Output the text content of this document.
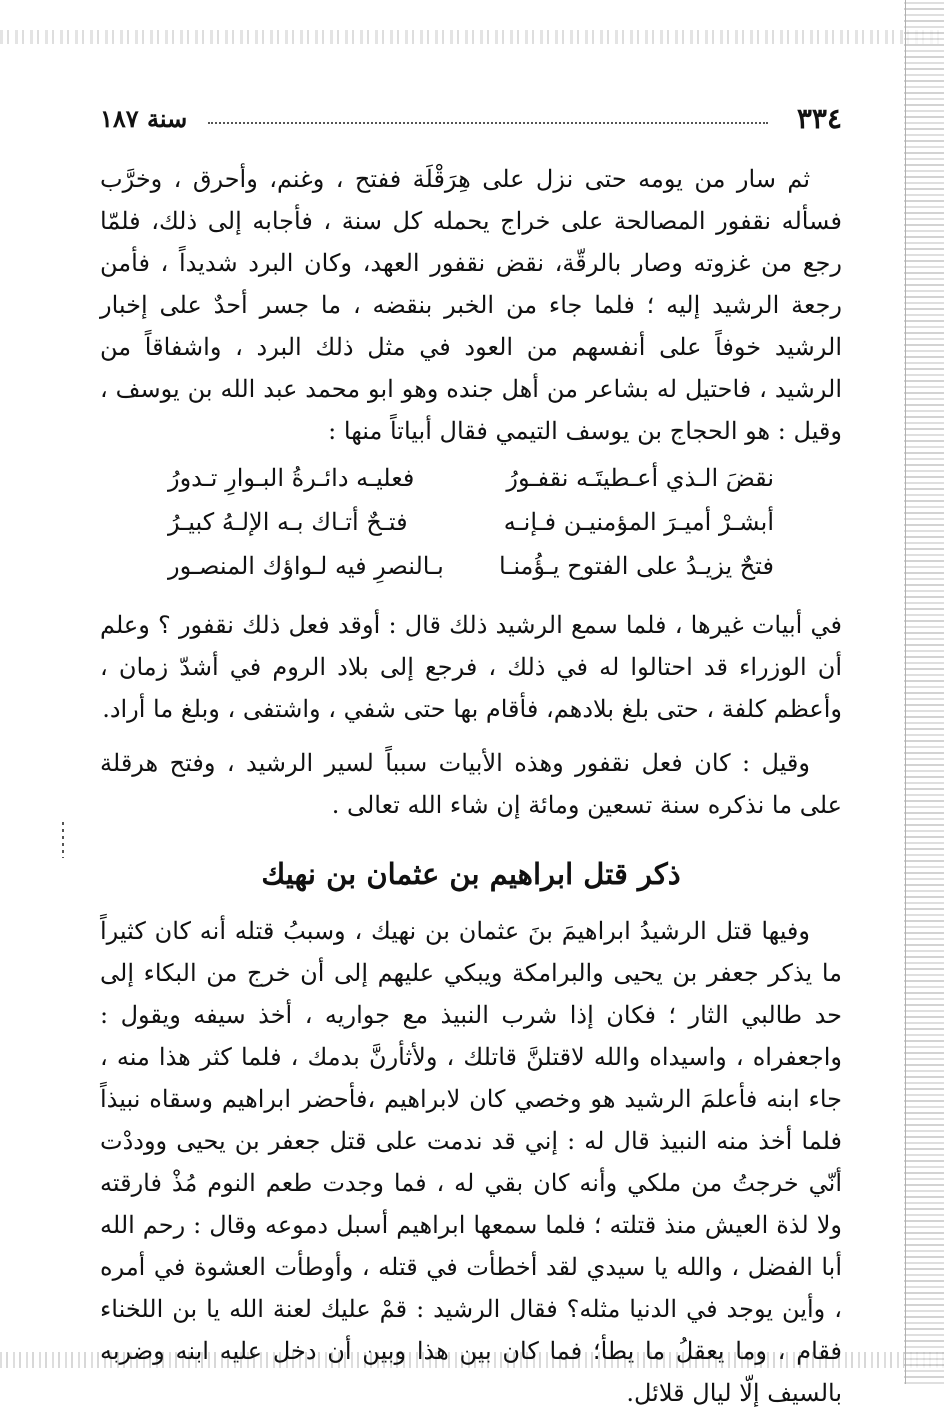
٣٣٤
سنة ١٨٧

ثم سار من يومه حتى نزل على هِرَقْلَة ففتح ، وغنم، وأحرق ، وخرَّب فسأله نقفور المصالحة على خراج يحمله كل سنة ، فأجابه إلى ذلك، فلمّا رجع من غزوته وصار بالرقّة، نقض نقفور العهد، وكان البرد شديداً ، فأمن رجعة الرشيد إليه ؛ فلما جاء من الخبر بنقضه ، ما جسر أحدٌ على إخبار الرشيد خوفاً على أنفسهم من العود في مثل ذلك البرد ، واشفاقاً من الرشيد ، فاحتيل له بشاعر من أهل جنده وهو ابو محمد عبد الله بن يوسف ، وقيل : هو الحجاج بن يوسف التيمي فقال أبياتاً منها :

نقضَ الـذي أعـطيتَـه نقفـورُ
فعليـه دائـرةُ البـوارِ تـدورُ
أبشـرْ أميـرَ المؤمنيـن فـإنـه
فتـحٌ أتـاك بـه الإلـهُ كبيـرُ
فتحٌ يزيـدُ على الفتوح يـؤُمنـا
بـالنصرِ فيه لـواؤك المنصـور

في أبيات غيرها ، فلما سمع الرشيد ذلك قال : أوقد فعل ذلك نقفور ؟ وعلم أن الوزراء قد احتالوا له في ذلك ، فرجع إلى بلاد الروم في أشدّ زمان ، وأعظم كلفة ، حتى بلغ بلادهم، فأقام بها حتى شفي ، واشتفى ، وبلغ ما أراد.

وقيل : كان فعل نقفور وهذه الأبيات سبباً لسير الرشيد ، وفتح هرقلة على ما نذكره سنة تسعين ومائة إن شاء الله تعالى .

ذكر قتل ابراهيم بن عثمان بن نهيك

وفيها قتل الرشيدُ ابراهيمَ بنَ عثمان بن نهيك ، وسببُ قتله أنه كان كثيراً ما يذكر جعفر بن يحيى والبرامكة ويبكي عليهم إلى أن خرج من البكاء إلى حد طالبي الثار ؛ فكان إذا شرب النبيذ مع جواريه ، أخذ سيفه ويقول : واجعفراه ، واسيداه والله لاقتلنَّ قاتلك ، ولأثأرنَّ بدمك ، فلما كثر هذا منه ، جاء ابنه فأعلمَ الرشيد هو وخصي كان لابراهيم ،فأحضر ابراهيم وسقاه نبيذاً فلما أخذ منه النبيذ قال له : إني قد ندمت على قتل جعفر بن يحيى ووددْت أنّي خرجتُ من ملكي وأنه كان بقي له ، فما وجدت طعم النوم مُذْ فارقته ولا لذة العيش منذ قتلته ؛ فلما سمعها ابراهيم أسبل دموعه وقال : رحم الله أبا الفضل ، والله يا سيدي لقد أخطأت في قتله ، وأوطأت العشوة في أمره ، وأين يوجد في الدنيا مثله؟ فقال الرشيد : قمْ عليك لعنة الله يا بن اللخناء فقام ، وما يعقلُ ما يطأ؛ فما كان بين هذا وبين أن دخل عليه ابنه وضربه بالسيف إلّا ليال قلائل.
